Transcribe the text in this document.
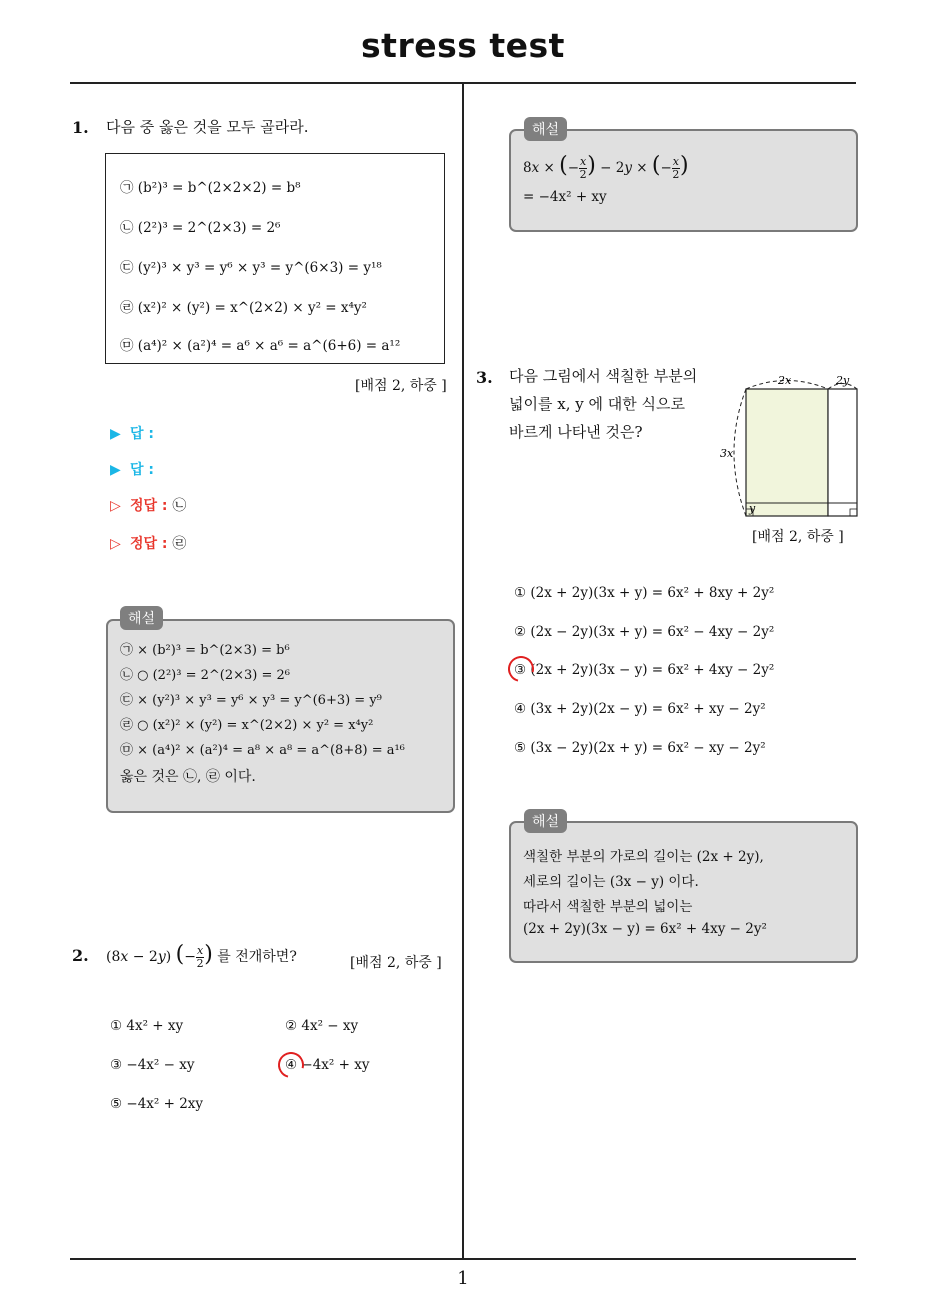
stress test
1. 다음 중 옳은 것을 모두 골라라.
㉠ (b²)³ = b^(2×2×2) = b⁸
㉡ (2²)³ = 2^(2×3) = 2⁶
㉢ (y²)³ × y³ = y⁶ × y³ = y^(6×3) = y¹⁸
㉣ (x²)² × (y²) = x^(2×2) × y² = x⁴y²
㉤ (a⁴)² × (a²)⁴ = a⁶ × a⁶ = a^(6+6) = a¹²
[배점 2, 하중 ]
▶ 답 :
▶ 답 :
▷ 정답 : ㉡
▷ 정답 : ㉣
㉠ × (b²)³ = b^(2×3) = b⁶
㉡ ○ (2²)³ = 2^(2×3) = 2⁶
㉢ × (y²)³ × y³ = y⁶ × y³ = y^(6+3) = y⁹
㉣ ○ (x²)² × (y²) = x^(2×2) × y² = x⁴y²
㉤ × (a⁴)² × (a²)⁴ = a⁸ × a⁸ = a^(8+8) = a¹⁶
옳은 것은 ㉡, ㉣ 이다.
해설
2. (8x − 2y) (− $\frac{x}{2}$ ) 를 전개하면?	[배점 2, 하중 ]
① 4x² + xy	② 4x² − xy
③ −4x² − xy	④ −4x² + xy
⑤ −4x² + 2xy
8x × (− $\frac{x}{2}$ ) − 2y × (− $\frac{x}{2}$ )
= −4x² + xy
해설
3. 다음 그림에서 색칠한 부분의
넓이를 x, y 에 대한 식으로
바르게 나타낸 것은?
2x	2y
3x
y
[배점 2, 하중 ]
① (2x + 2y)(3x + y) = 6x² + 8xy + 2y²
② (2x − 2y)(3x + y) = 6x² − 4xy − 2y²
③ (2x + 2y)(3x − y) = 6x² + 4xy − 2y²
④ (3x + 2y)(2x − y) = 6x² + xy − 2y²
⑤ (3x − 2y)(2x + y) = 6x² − xy − 2y²
색칠한 부분의 가로의 길이는 (2x + 2y),
세로의 길이는 (3x − y) 이다.
따라서 색칠한 부분의 넓이는
(2x + 2y)(3x − y) = 6x² + 4xy − 2y²
해설
1
